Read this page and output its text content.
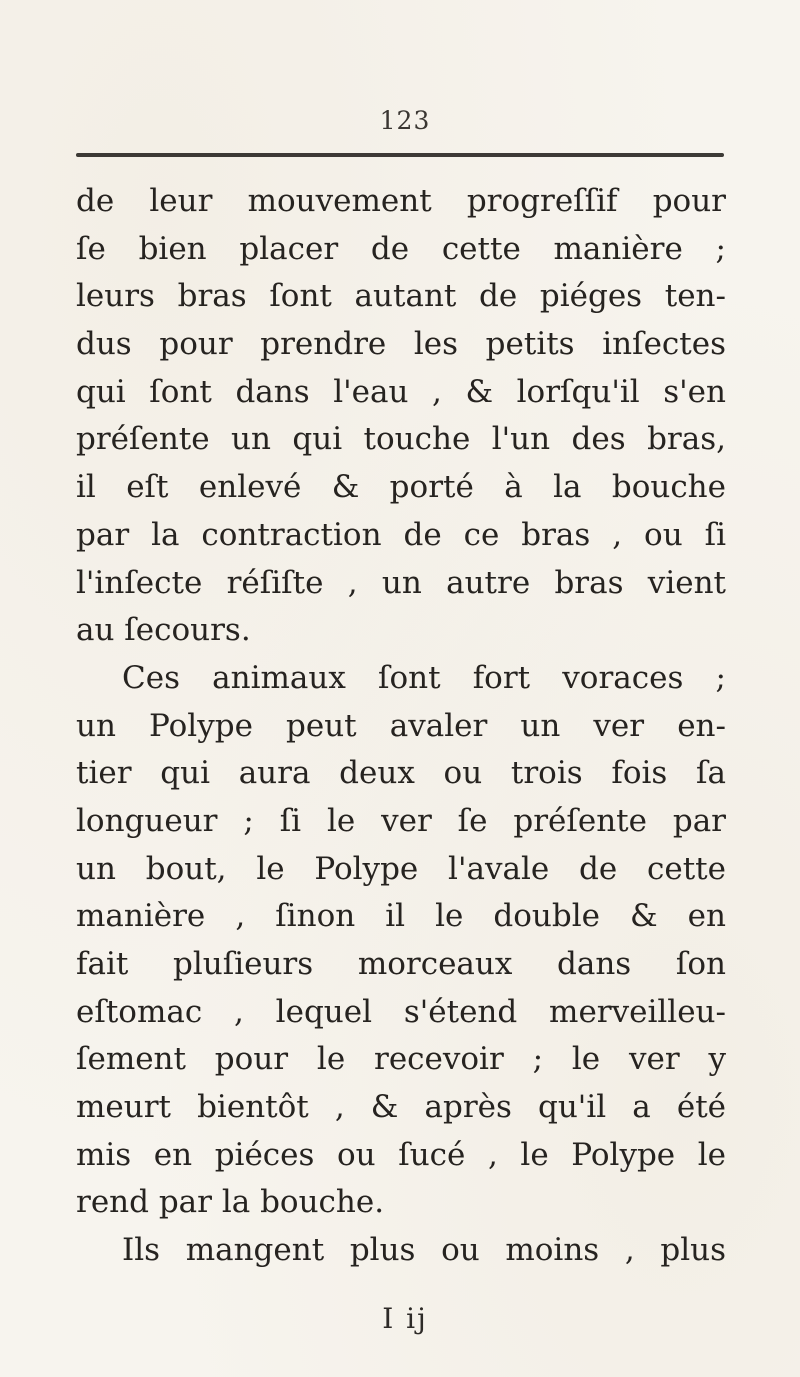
123
de leur mouvement progreſſif pour
ſe bien placer de cette manière ;
leurs bras ſont autant de piéges ten-
dus pour prendre les petits inſectes
qui ſont dans l'eau , & lorſqu'il s'en
préſente un qui touche l'un des bras,
il eſt enlevé & porté à la bouche
par la contraction de ce bras , ou ſi
l'inſecte réſiſte , un autre bras vient
au ſecours.
Ces animaux ſont fort voraces ;
un Polype peut avaler un ver en-
tier qui aura deux ou trois fois ſa
longueur ; ſi le ver ſe préſente par
un bout, le Polype l'avale de cette
manière , ſinon il le double & en
fait pluſieurs morceaux dans ſon
eſtomac , lequel s'étend merveilleu-
ſement pour le recevoir ; le ver y
meurt bientôt , & après qu'il a été
mis en piéces ou ſucé , le Polype le
rend par la bouche.
Ils mangent plus ou moins , plus
I ij
